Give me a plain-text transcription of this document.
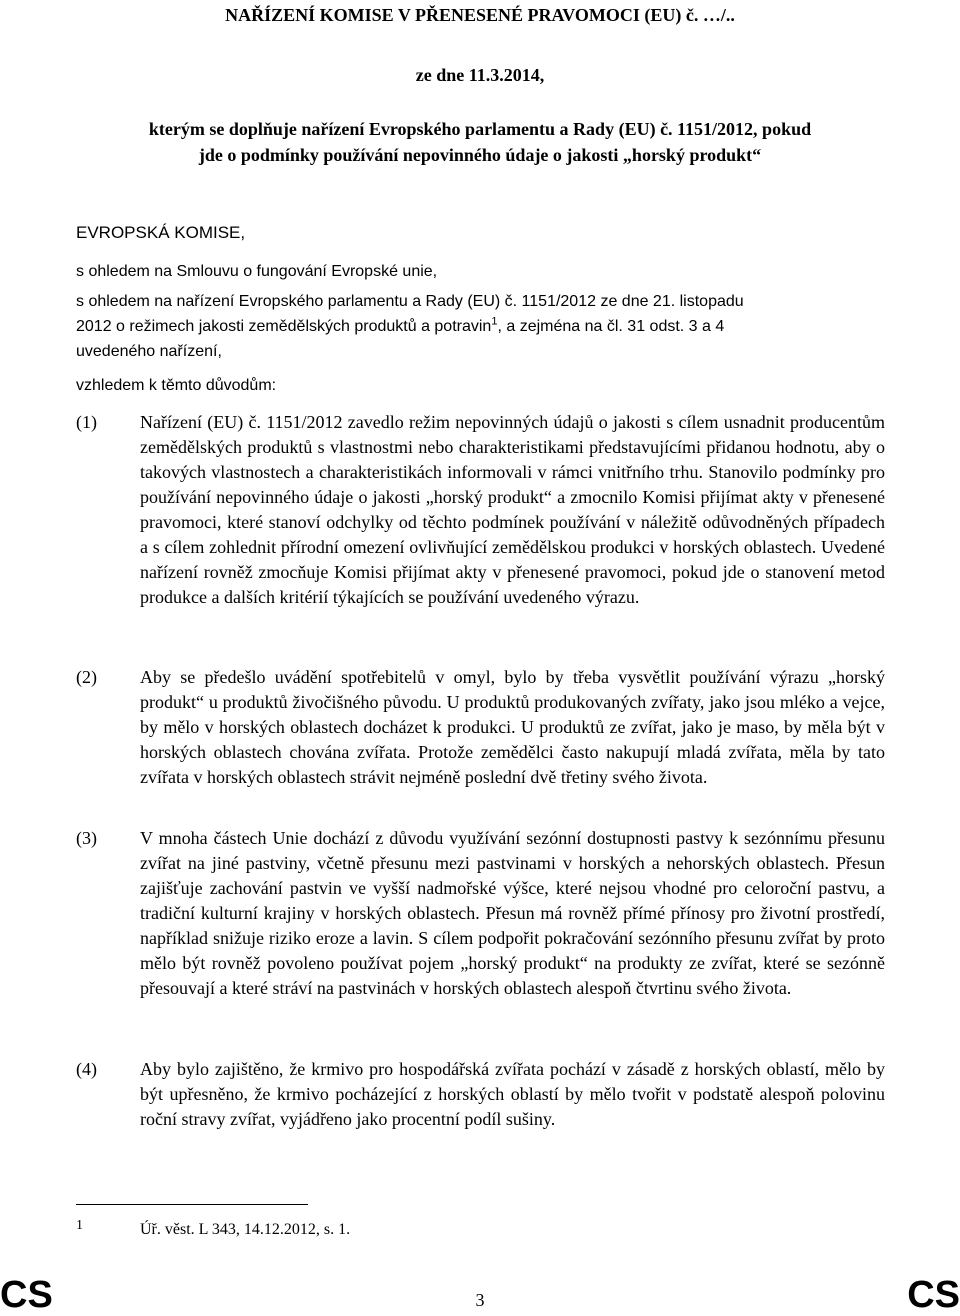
NAŘÍZENÍ KOMISE V PŘENESENÉ PRAVOMOCI (EU) č. …/..
ze dne 11.3.2014,
kterým se doplňuje nařízení Evropského parlamentu a Rady (EU) č. 1151/2012, pokud
jde o podmínky používání nepovinného údaje o jakosti „horský produkt“
EVROPSKÁ KOMISE,
s ohledem na Smlouvu o fungování Evropské unie,
s ohledem na nařízení Evropského parlamentu a Rady (EU) č. 1151/2012 ze dne 21. listopadu
2012 o režimech jakosti zemědělských produktů a potravin$^1$, a zejména na čl. 31 odst. 3 a 4
uvedeného nařízení,
vzhledem k těmto důvodům:
(1) Nařízení (EU) č. 1151/2012 zavedlo režim nepovinných údajů o jakosti s cílem usnadnit producentům zemědělských produktů s vlastnostmi nebo charakteristikami představujícími přidanou hodnotu, aby o takových vlastnostech a charakteristikách informovali v rámci vnitřního trhu. Stanovilo podmínky pro používání nepovinného údaje o jakosti „horský produkt“ a zmocnilo Komisi přijímat akty v přenesené pravomoci, které stanoví odchylky od těchto podmínek používání v náležitě odůvodněných případech a s cílem zohlednit přírodní omezení ovlivňující zemědělskou produkci v horských oblastech. Uvedené nařízení rovněž zmocňuje Komisi přijímat akty v přenesené pravomoci, pokud jde o stanovení metod produkce a dalších kritérií týkajících se používání uvedeného výrazu.
(2) Aby se předešlo uvádění spotřebitelů v omyl, bylo by třeba vysvětlit používání výrazu „horský produkt“ u produktů živočišného původu. U produktů produkovaných zvířaty, jako jsou mléko a vejce, by mělo v horských oblastech docházet k produkci. U produktů ze zvířat, jako je maso, by měla být v horských oblastech chována zvířata. Protože zemědělci často nakupují mladá zvířata, měla by tato zvířata v horských oblastech strávit nejméně poslední dvě třetiny svého života.
(3) V mnoha částech Unie dochází z důvodu využívání sezónní dostupnosti pastvy k sezónnímu přesunu zvířat na jiné pastviny, včetně přesunu mezi pastvinami v horských a nehorských oblastech. Přesun zajišťuje zachování pastvin ve vyšší nadmořské výšce, které nejsou vhodné pro celoroční pastvu, a tradiční kulturní krajiny v horských oblastech. Přesun má rovněž přímé přínosy pro životní prostředí, například snižuje riziko eroze a lavin. S cílem podpořit pokračování sezónního přesunu zvířat by proto mělo být rovněž povoleno používat pojem „horský produkt“ na produkty ze zvířat, které se sezónně přesouvají a které stráví na pastvinách v horských oblastech alespoň čtvrtinu svého života.
(4) Aby bylo zajištěno, že krmivo pro hospodářská zvířata pochází v zásadě z horských oblastí, mělo by být upřesněno, že krmivo pocházející z horských oblastí by mělo tvořit v podstatě alespoň polovinu roční stravy zvířat, vyjádřeno jako procentní podíl sušiny.
1	Úř. věst. L 343, 14.12.2012, s. 1.
CS	3	CS
